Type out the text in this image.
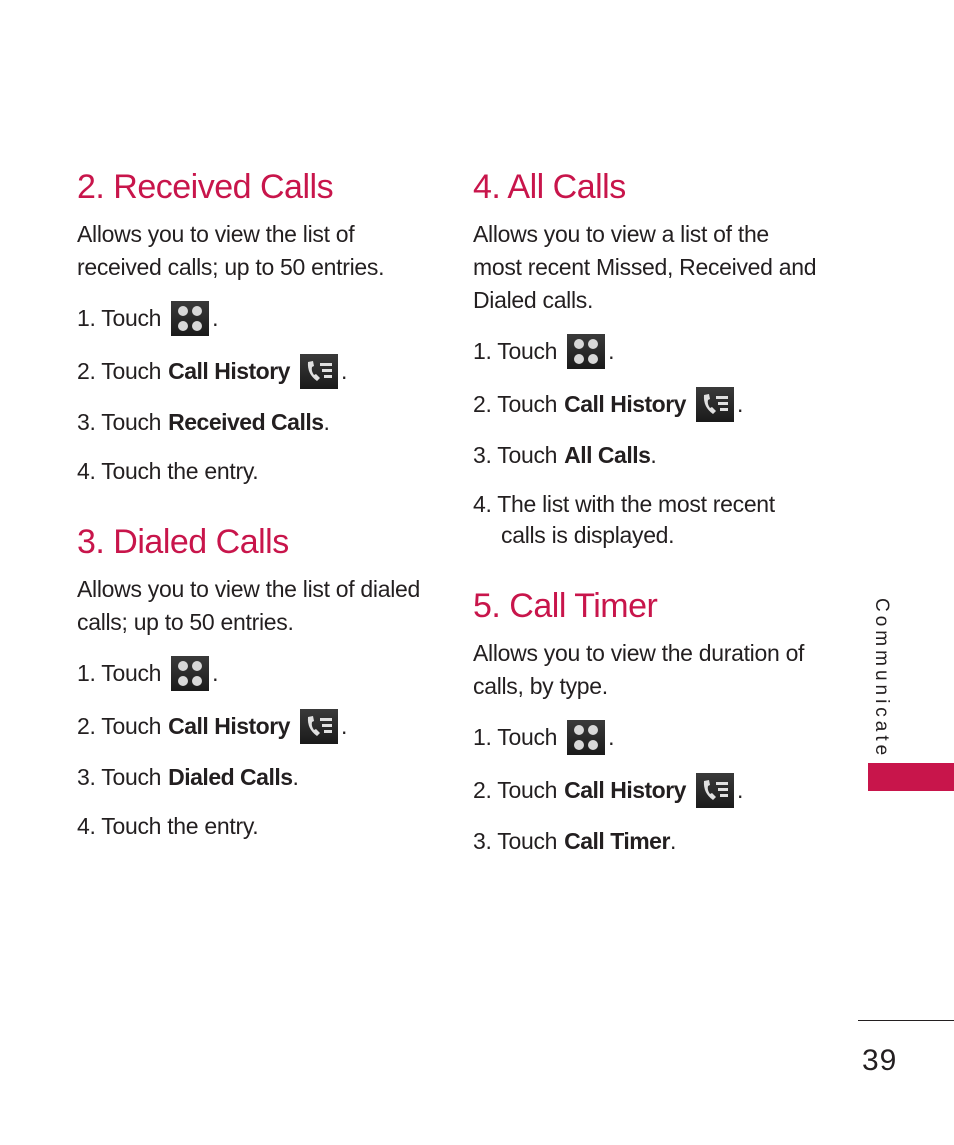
2. Received Calls

Allows you to view the list of received calls; up to 50 entries.

1. Touch .
2. Touch Call History .
3. Touch Received Calls .
4. Touch the entry.
3. Dialed Calls

Allows you to view the list of dialed calls; up to 50 entries.

1. Touch .
2. Touch Call History .
3. Touch Dialed Calls .
4. Touch the entry.
4. All Calls

Allows you to view a list of the most recent Missed, Received and Dialed calls.

1. Touch .
2. Touch Call History .
3. Touch All Calls .
4. The list with the most recent calls is displayed.
5. Call Timer

Allows you to view the duration of calls, by type.

1. Touch .
2. Touch Call History .
3. Touch Call Timer .
Communicate
39
